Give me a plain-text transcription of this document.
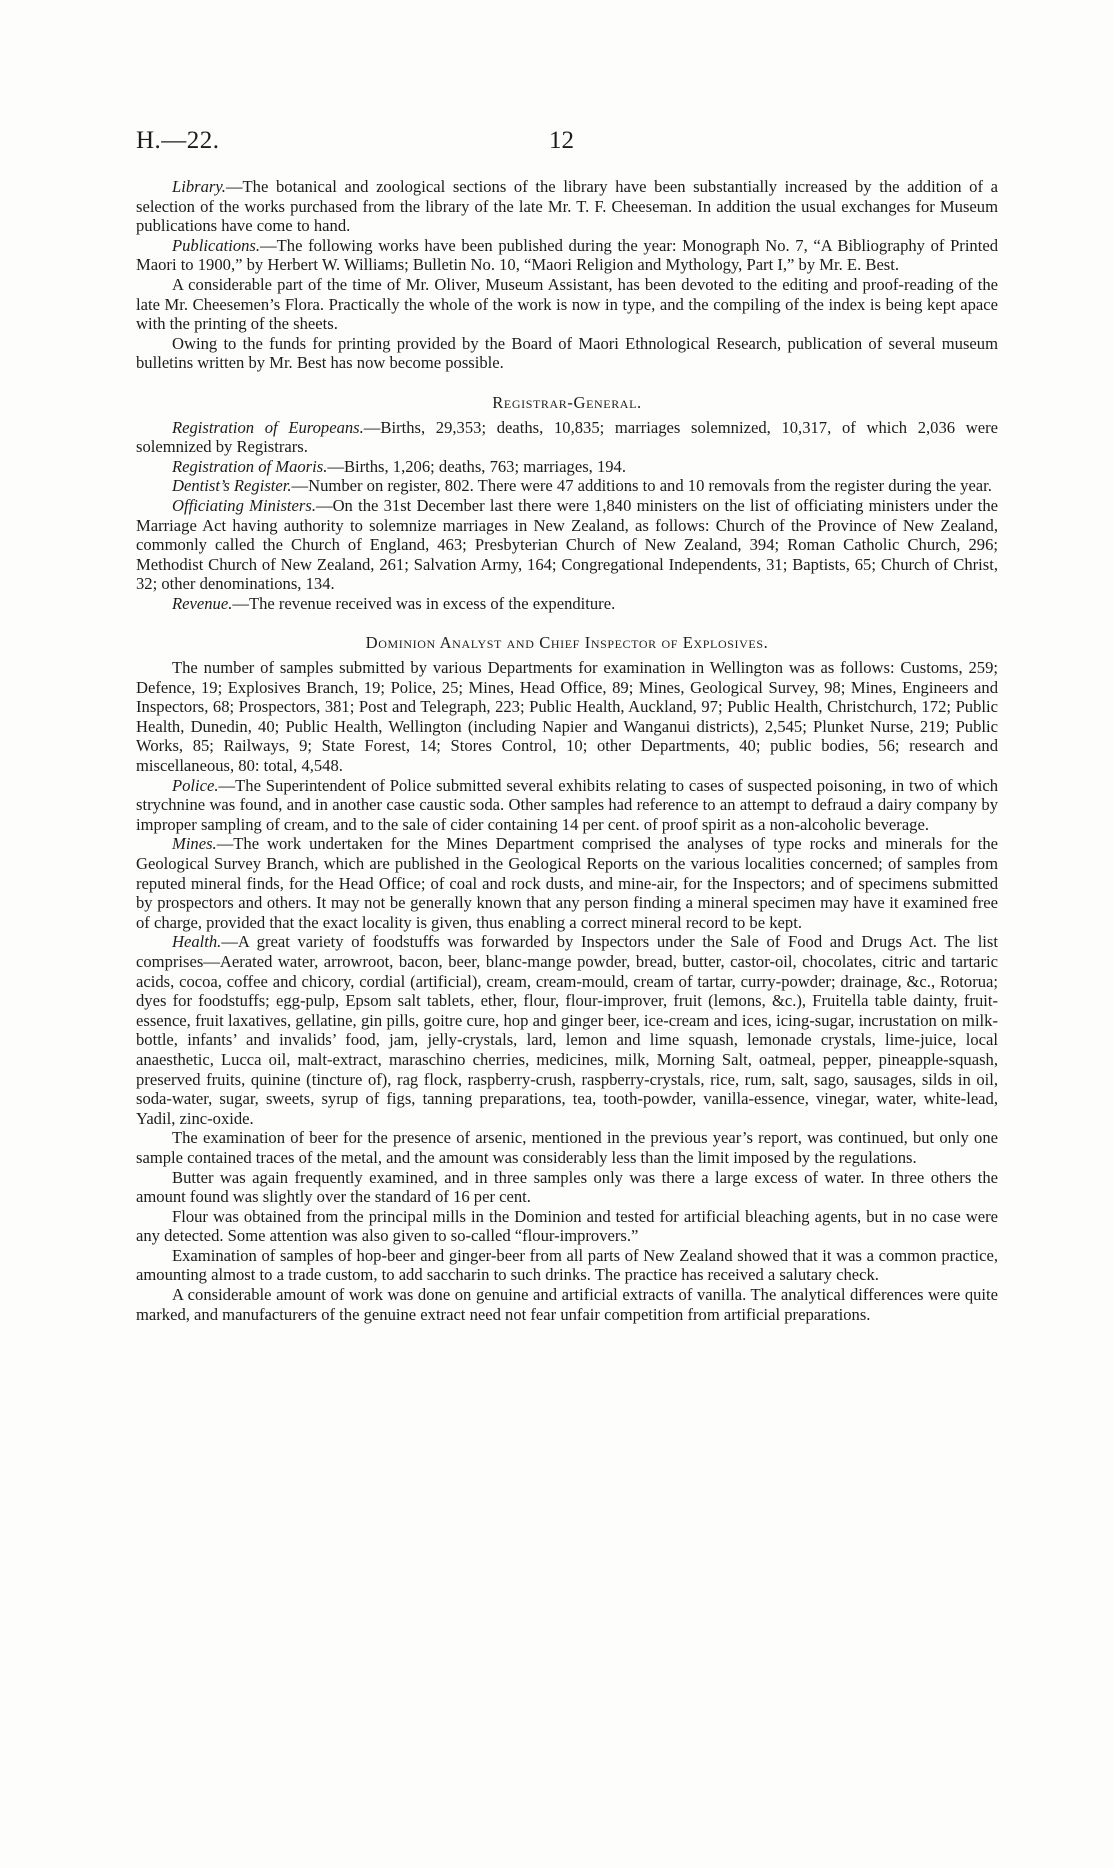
H.—22.	12

Library.—The botanical and zoological sections of the library have been substantially increased by the addition of a selection of the works purchased from the library of the late Mr. T. F. Cheeseman. In addition the usual exchanges for Museum publications have come to hand.

Publications.—The following works have been published during the year: Monograph No. 7, “A Bibliography of Printed Maori to 1900,” by Herbert W. Williams; Bulletin No. 10, “Maori Religion and Mythology, Part I,” by Mr. E. Best.

A considerable part of the time of Mr. Oliver, Museum Assistant, has been devoted to the editing and proof-reading of the late Mr. Cheesemen’s Flora. Practically the whole of the work is now in type, and the compiling of the index is being kept apace with the printing of the sheets.

Owing to the funds for printing provided by the Board of Maori Ethnological Research, publication of several museum bulletins written by Mr. Best has now become possible.

Registrar-General.

Registration of Europeans.—Births, 29,353; deaths, 10,835; marriages solemnized, 10,317, of which 2,036 were solemnized by Registrars.

Registration of Maoris.—Births, 1,206; deaths, 763; marriages, 194.

Dentist’s Register.—Number on register, 802. There were 47 additions to and 10 removals from the register during the year.

Officiating Ministers.—On the 31st December last there were 1,840 ministers on the list of officiating ministers under the Marriage Act having authority to solemnize marriages in New Zealand, as follows: Church of the Province of New Zealand, commonly called the Church of England, 463; Presbyterian Church of New Zealand, 394; Roman Catholic Church, 296; Methodist Church of New Zealand, 261; Salvation Army, 164; Congregational Independents, 31; Baptists, 65; Church of Christ, 32; other denominations, 134.

Revenue.—The revenue received was in excess of the expenditure.

Dominion Analyst and Chief Inspector of Explosives.

The number of samples submitted by various Departments for examination in Wellington was as follows: Customs, 259; Defence, 19; Explosives Branch, 19; Police, 25; Mines, Head Office, 89; Mines, Geological Survey, 98; Mines, Engineers and Inspectors, 68; Prospectors, 381; Post and Telegraph, 223; Public Health, Auckland, 97; Public Health, Christchurch, 172; Public Health, Dunedin, 40; Public Health, Wellington (including Napier and Wanganui districts), 2,545; Plunket Nurse, 219; Public Works, 85; Railways, 9; State Forest, 14; Stores Control, 10; other Departments, 40; public bodies, 56; research and miscellaneous, 80: total, 4,548.

Police.—The Superintendent of Police submitted several exhibits relating to cases of suspected poisoning, in two of which strychnine was found, and in another case caustic soda. Other samples had reference to an attempt to defraud a dairy company by improper sampling of cream, and to the sale of cider containing 14 per cent. of proof spirit as a non-alcoholic beverage.

Mines.—The work undertaken for the Mines Department comprised the analyses of type rocks and minerals for the Geological Survey Branch, which are published in the Geological Reports on the various localities concerned; of samples from reputed mineral finds, for the Head Office; of coal and rock dusts, and mine-air, for the Inspectors; and of specimens submitted by prospectors and others. It may not be generally known that any person finding a mineral specimen may have it examined free of charge, provided that the exact locality is given, thus enabling a correct mineral record to be kept.

Health.—A great variety of foodstuffs was forwarded by Inspectors under the Sale of Food and Drugs Act. The list comprises—Aerated water, arrowroot, bacon, beer, blanc-mange powder, bread, butter, castor-oil, chocolates, citric and tartaric acids, cocoa, coffee and chicory, cordial (artificial), cream, cream-mould, cream of tartar, curry-powder; drainage, &c., Rotorua; dyes for foodstuffs; egg-pulp, Epsom salt tablets, ether, flour, flour-improver, fruit (lemons, &c.), Fruitella table dainty, fruit-essence, fruit laxatives, gellatine, gin pills, goitre cure, hop and ginger beer, ice-cream and ices, icing-sugar, incrustation on milk-bottle, infants’ and invalids’ food, jam, jelly-crystals, lard, lemon and lime squash, lemonade crystals, lime-juice, local anaesthetic, Lucca oil, malt-extract, maraschino cherries, medicines, milk, Morning Salt, oatmeal, pepper, pineapple-squash, preserved fruits, quinine (tincture of), rag flock, raspberry-crush, raspberry-crystals, rice, rum, salt, sago, sausages, silds in oil, soda-water, sugar, sweets, syrup of figs, tanning preparations, tea, tooth-powder, vanilla-essence, vinegar, water, white-lead, Yadil, zinc-oxide.

The examination of beer for the presence of arsenic, mentioned in the previous year’s report, was continued, but only one sample contained traces of the metal, and the amount was considerably less than the limit imposed by the regulations.

Butter was again frequently examined, and in three samples only was there a large excess of water. In three others the amount found was slightly over the standard of 16 per cent.

Flour was obtained from the principal mills in the Dominion and tested for artificial bleaching agents, but in no case were any detected. Some attention was also given to so-called “flour-improvers.”

Examination of samples of hop-beer and ginger-beer from all parts of New Zealand showed that it was a common practice, amounting almost to a trade custom, to add saccharin to such drinks. The practice has received a salutary check.

A considerable amount of work was done on genuine and artificial extracts of vanilla. The analytical differences were quite marked, and manufacturers of the genuine extract need not fear unfair competition from artificial preparations.
